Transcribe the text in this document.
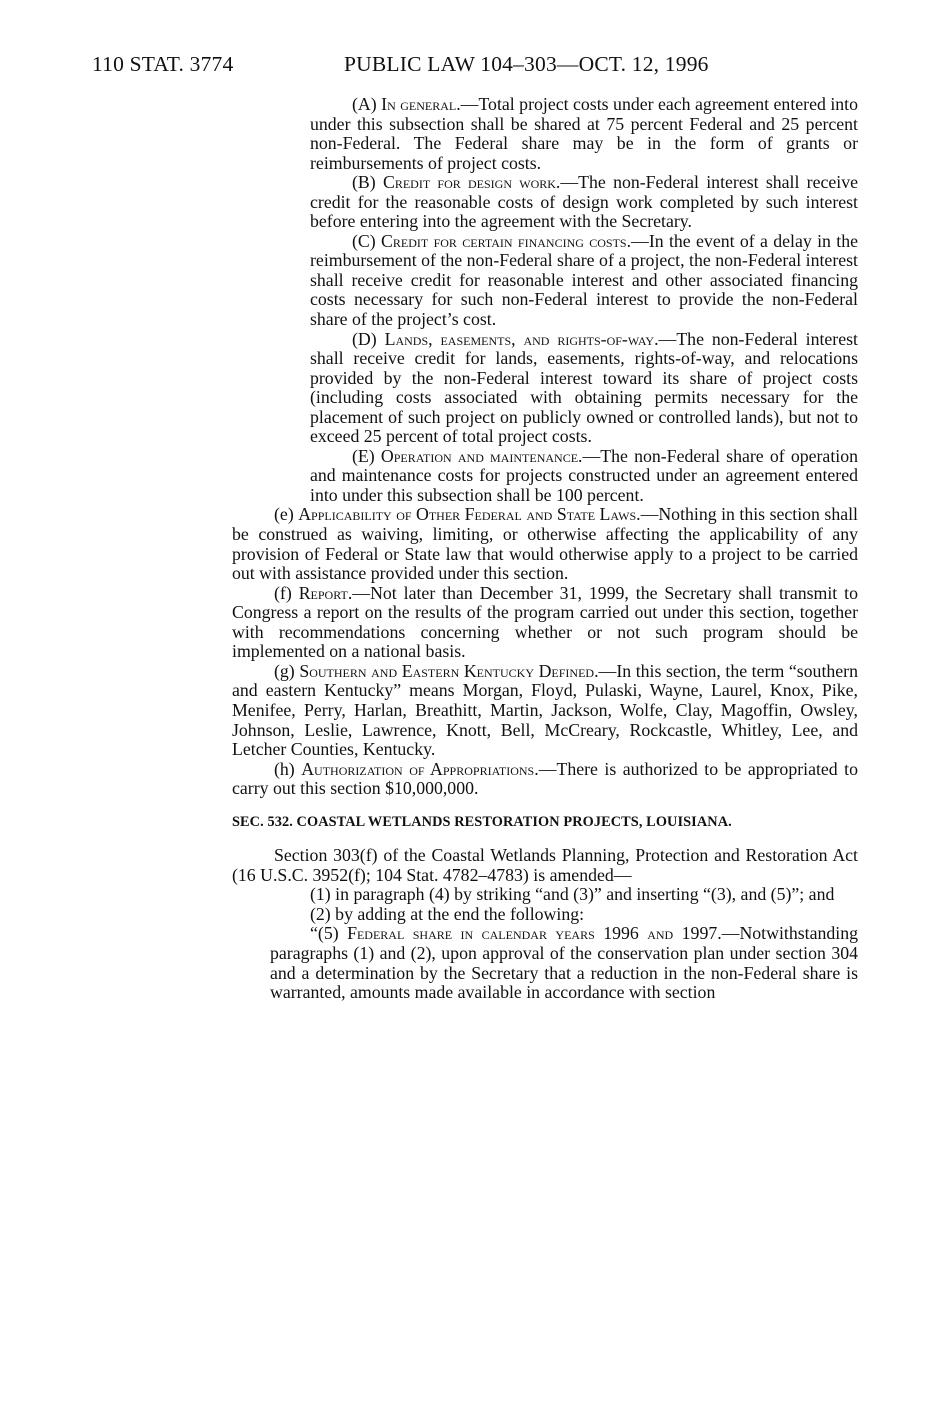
110 STAT. 3774	PUBLIC LAW 104–303—OCT. 12, 1996

(A) In general.—Total project costs under each agreement entered into under this subsection shall be shared at 75 percent Federal and 25 percent non-Federal. The Federal share may be in the form of grants or reimbursements of project costs.

(B) Credit for design work.—The non-Federal interest shall receive credit for the reasonable costs of design work completed by such interest before entering into the agreement with the Secretary.

(C) Credit for certain financing costs.—In the event of a delay in the reimbursement of the non-Federal share of a project, the non-Federal interest shall receive credit for reasonable interest and other associated financing costs necessary for such non-Federal interest to provide the non-Federal share of the project’s cost.

(D) Lands, easements, and rights-of-way.—The non-Federal interest shall receive credit for lands, easements, rights-of-way, and relocations provided by the non-Federal interest toward its share of project costs (including costs associated with obtaining permits necessary for the placement of such project on publicly owned or controlled lands), but not to exceed 25 percent of total project costs.

(E) Operation and maintenance.—The non-Federal share of operation and maintenance costs for projects constructed under an agreement entered into under this subsection shall be 100 percent.

(e) Applicability of Other Federal and State Laws.—Nothing in this section shall be construed as waiving, limiting, or otherwise affecting the applicability of any provision of Federal or State law that would otherwise apply to a project to be carried out with assistance provided under this section.

(f) Report.—Not later than December 31, 1999, the Secretary shall transmit to Congress a report on the results of the program carried out under this section, together with recommendations concerning whether or not such program should be implemented on a national basis.

(g) Southern and Eastern Kentucky Defined.—In this section, the term “southern and eastern Kentucky” means Morgan, Floyd, Pulaski, Wayne, Laurel, Knox, Pike, Menifee, Perry, Harlan, Breathitt, Martin, Jackson, Wolfe, Clay, Magoffin, Owsley, Johnson, Leslie, Lawrence, Knott, Bell, McCreary, Rockcastle, Whitley, Lee, and Letcher Counties, Kentucky.

(h) Authorization of Appropriations.—There is authorized to be appropriated to carry out this section $10,000,000.

SEC. 532. COASTAL WETLANDS RESTORATION PROJECTS, LOUISIANA.

Section 303(f) of the Coastal Wetlands Planning, Protection and Restoration Act (16 U.S.C. 3952(f); 104 Stat. 4782–4783) is amended—

(1) in paragraph (4) by striking “and (3)” and inserting “(3), and (5)”; and

(2) by adding at the end the following:

“(5) Federal share in calendar years 1996 and 1997.—Notwithstanding paragraphs (1) and (2), upon approval of the conservation plan under section 304 and a determination by the Secretary that a reduction in the non-Federal share is warranted, amounts made available in accordance with section
